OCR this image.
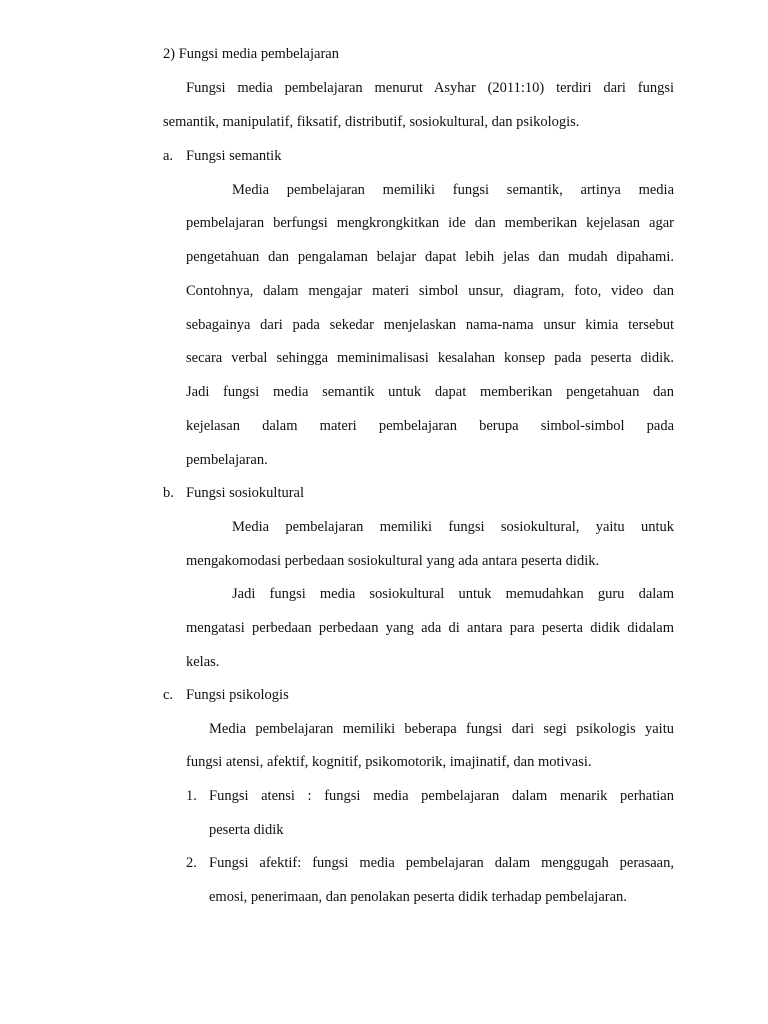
2) Fungsi media pembelajaran
Fungsi media pembelajaran menurut Asyhar (2011:10) terdiri dari fungsi
semantik, manipulatif, fiksatif, distributif, sosiokultural, dan psikologis.
a. Fungsi semantik
Media pembelajaran memiliki fungsi semantik, artinya media
pembelajaran berfungsi mengkrongkitkan ide dan memberikan kejelasan agar
pengetahuan dan pengalaman belajar dapat lebih jelas dan mudah dipahami.
Contohnya, dalam mengajar materi simbol unsur, diagram, foto, video dan
sebagainya dari pada sekedar menjelaskan nama-nama unsur kimia tersebut
secara verbal sehingga meminimalisasi kesalahan konsep pada peserta didik.
Jadi fungsi media semantik untuk dapat memberikan pengetahuan dan
kejelasan dalam materi pembelajaran berupa simbol-simbol pada
pembelajaran.
b. Fungsi sosiokultural
Media pembelajaran memiliki fungsi sosiokultural, yaitu untuk
mengakomodasi perbedaan sosiokultural yang ada antara peserta didik.
Jadi fungsi media sosiokultural untuk memudahkan guru dalam
mengatasi perbedaan perbedaan yang ada di antara para peserta didik didalam
kelas.
c. Fungsi psikologis
Media pembelajaran memiliki beberapa fungsi dari segi psikologis yaitu
fungsi atensi, afektif, kognitif, psikomotorik, imajinatif, dan motivasi.
1. Fungsi atensi : fungsi media pembelajaran dalam menarik perhatian
peserta didik
2. Fungsi afektif: fungsi media pembelajaran dalam menggugah perasaan,
emosi, penerimaan, dan penolakan peserta didik terhadap pembelajaran.
